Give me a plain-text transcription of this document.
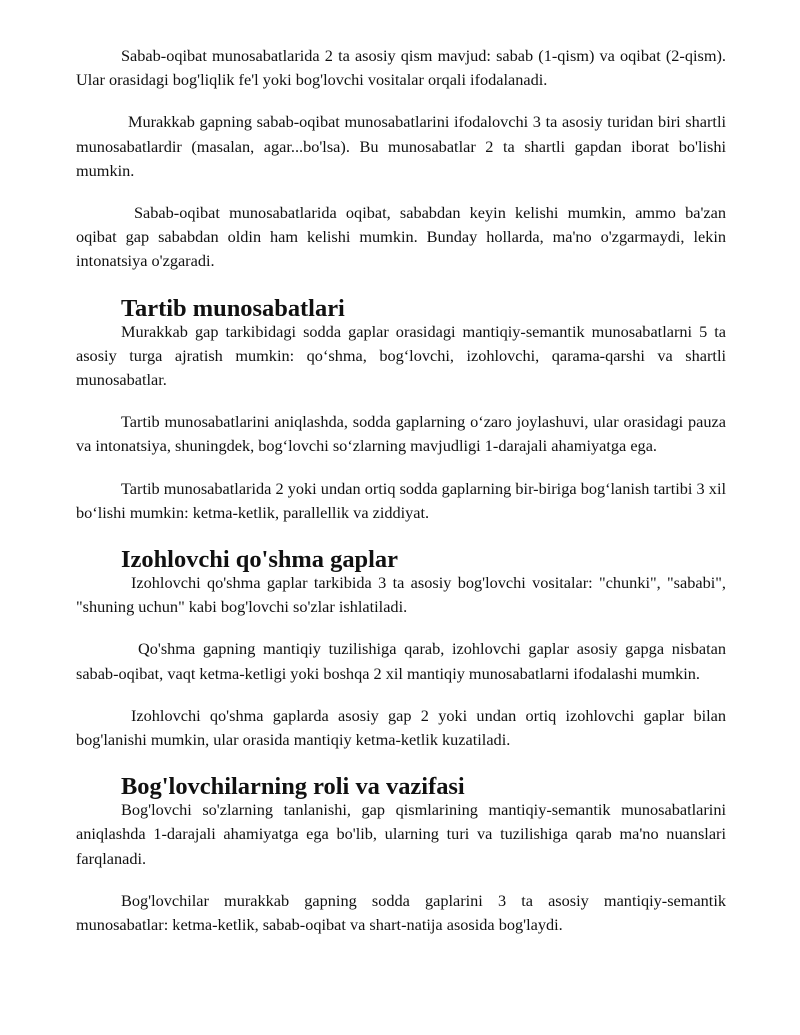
Sabab-oqibat munosabatlarida 2 ta asosiy qism mavjud: sabab (1-qism) va oqibat (2-qism). Ular orasidagi bog'liqlik fe'l yoki bog'lovchi vositalar orqali ifodalanadi.

Murakkab gapning sabab-oqibat munosabatlarini ifodalovchi 3 ta asosiy turidan biri shartli munosabatlardir (masalan, agar...bo'lsa). Bu munosabatlar 2 ta shartli gapdan iborat bo'lishi mumkin.

Sabab-oqibat munosabatlarida oqibat, sababdan keyin kelishi mumkin, ammo ba'zan oqibat gap sababdan oldin ham kelishi mumkin. Bunday hollarda, ma'no o'zgarmaydi, lekin intonatsiya o'zgaradi.

Tartib munosabatlari

Murakkab gap tarkibidagi sodda gaplar orasidagi mantiqiy-semantik munosabatlarni 5 ta asosiy turga ajratish mumkin: qo‘shma, bog‘lovchi, izohlovchi, qarama-qarshi va shartli munosabatlar.

Tartib munosabatlarini aniqlashda, sodda gaplarning o‘zaro joylashuvi, ular orasidagi pauza va intonatsiya, shuningdek, bog‘lovchi so‘zlarning mavjudligi 1-darajali ahamiyatga ega.

Tartib munosabatlarida 2 yoki undan ortiq sodda gaplarning bir-biriga bog‘lanish tartibi 3 xil bo‘lishi mumkin: ketma-ketlik, parallellik va ziddiyat.

Izohlovchi qo'shma gaplar

Izohlovchi qo'shma gaplar tarkibida 3 ta asosiy bog'lovchi vositalar: "chunki", "sababi", "shuning uchun" kabi bog'lovchi so'zlar ishlatiladi.

Qo'shma gapning mantiqiy tuzilishiga qarab, izohlovchi gaplar asosiy gapga nisbatan sabab-oqibat, vaqt ketma-ketligi yoki boshqa 2 xil mantiqiy munosabatlarni ifodalashi mumkin.

Izohlovchi qo'shma gaplarda asosiy gap 2 yoki undan ortiq izohlovchi gaplar bilan bog'lanishi mumkin, ular orasida mantiqiy ketma-ketlik kuzatiladi.

Bog'lovchilarning roli va vazifasi

Bog'lovchi so'zlarning tanlanishi, gap qismlarining mantiqiy-semantik munosabatlarini aniqlashda 1-darajali ahamiyatga ega bo'lib, ularning turi va tuzilishiga qarab ma'no nuanslari farqlanadi.

Bog'lovchilar murakkab gapning sodda gaplarini 3 ta asosiy mantiqiy-semantik munosabatlar: ketma-ketlik, sabab-oqibat va shart-natija asosida bog'laydi.
